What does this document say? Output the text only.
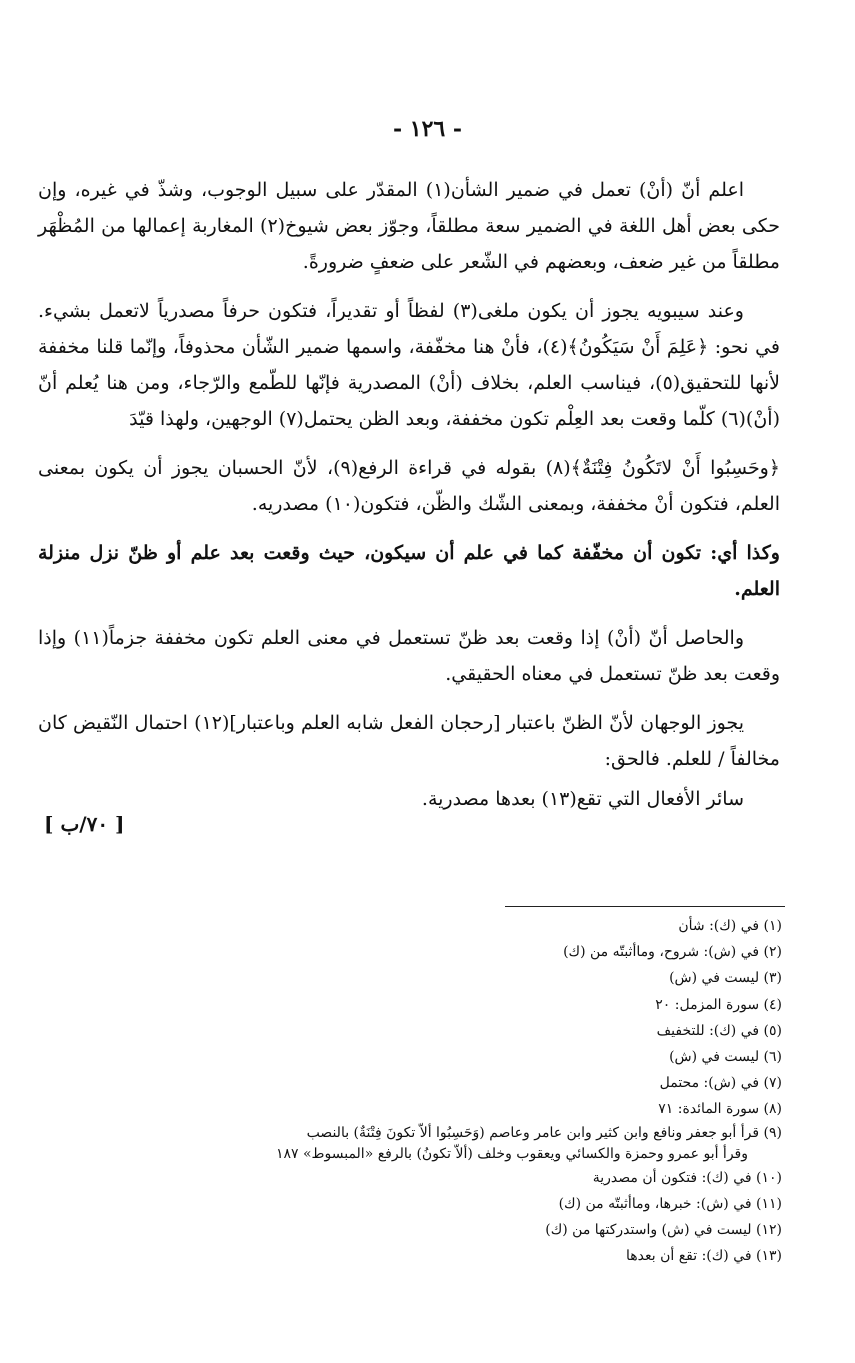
- ١٢٦ -

اعلم أنّ (أنْ) تعمل في ضمير الشأن(١) المقدّر على سبيل الوجوب، وشذّ في غيره، وإن حكى بعض أهل اللغة في الضمير سعة مطلقاً، وجوّز بعض شيوخ(٢) المغاربة إعمالها من المُظْهَر مطلقاً من غير ضعف، وبعضهم في الشّعر على ضعفٍ ضرورةً.

وعند سيبويه يجوز أن يكون ملغى(٣) لفظاً أو تقديراً، فتكون حرفاً مصدرياً لاتعمل بشيء. في نحو: ﴿عَلِمَ أَنْ سَيَكُونُ﴾(٤)، فأنْ هنا مخفّفة، واسمها ضمير الشّأن محذوفاً، وإنّما قلنا مخففة لأنها للتحقيق(٥)، فيناسب العلم، بخلاف (أنْ) المصدرية فإنّها للطّمع والرّجاء، ومن هنا يُعلم أنّ (أنْ)(٦) كلّما وقعت بعد العِلْم تكون مخففة، وبعد الظن يحتمل(٧) الوجهين، ولهذا قيّدَ

﴿وحَسِبُوا أَنْ لاتَكُونُ فِتْنَةٌ﴾(٨) بقوله في قراءة الرفع(٩)، لأنّ الحسبان يجوز أن يكون بمعنى العلم، فتكون أنْ مخففة، وبمعنى الشّك والظّن، فتكون(١٠) مصدريه.

وكذا أي: تكون أن مخفّفة كما في علم أن سيكون، حيث وقعت بعد علم أو ظنّ نزل منزلة العلم.

والحاصل أنّ (أنْ) إذا وقعت بعد ظنّ تستعمل في معنى العلم تكون مخففة جزماً(١١) وإذا وقعت بعد ظنّ تستعمل في معناه الحقيقي.

يجوز الوجهان لأنّ الظنّ باعتبار [رحجان الفعل شابه العلم وباعتبار](١٢) احتمال النّقيض كان مخالفاً / للعلم. فالحق:

سائر الأفعال التي تقع(١٣) بعدها مصدرية.

[ ٧٠/ب ]
(١) في (ك): شأن
(٢) في (ش): شروح، وماأثبتّه من (ك)
(٣) ليست في (ش)
(٤) سورة المزمل: ٢٠
(٥) في (ك): للتخفيف
(٦) ليست في (ش)
(٧) في (ش): محتمل
(٨) سورة المائدة: ٧١
(٩) قرأ أبو جعفر ونافع وابن كثير وابن عامر وعاصم (وَحَسِبُوا ألاّ تكونَ فِتْنَةٌ) بالنصب
وقرأ أبو عمرو وحمزة والكسائي ويعقوب وخلف (ألاّ تكونُ) بالرفع «المبسوط» ١٨٧
(١٠) في (ك): فتكون أن مصدرية
(١١) في (ش): خبرها، وماأثبتّه من (ك)
(١٢) ليست في (ش) واستدركتها من (ك)
(١٣) في (ك): تقع أن بعدها
